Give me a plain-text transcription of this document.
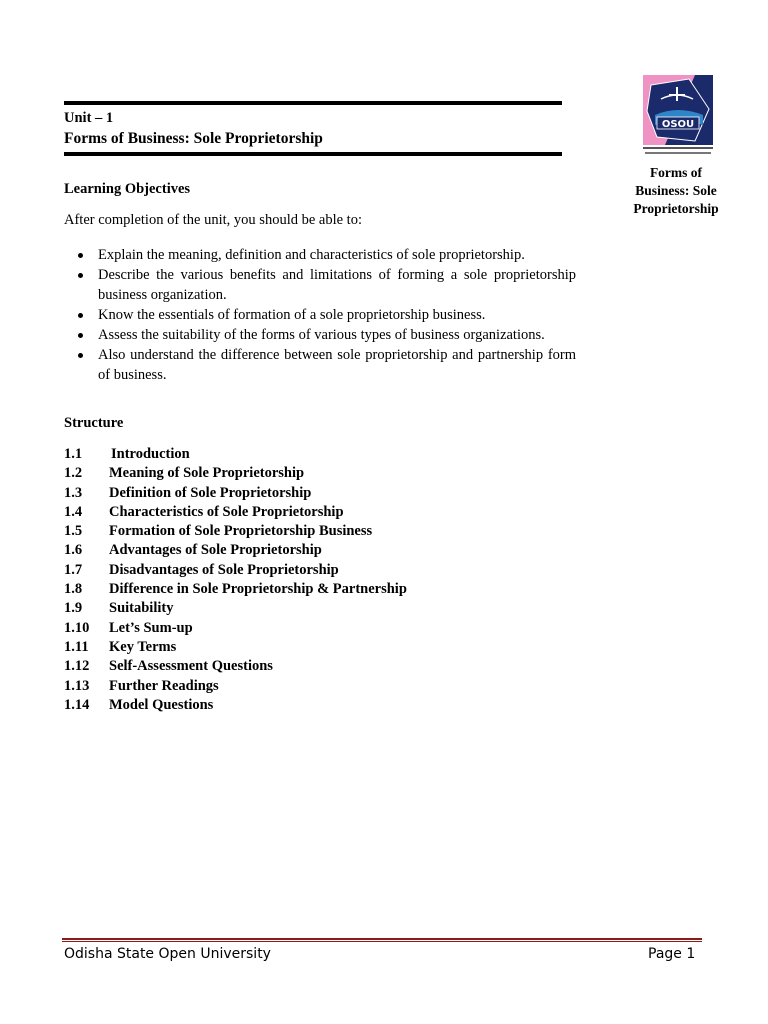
Unit – 1
Forms of Business: Sole Proprietorship
OSOU
Forms of
Business: Sole
Proprietorship
Learning Objectives
After completion of the unit, you should be able to:
Explain the meaning, definition and characteristics of sole proprietorship.
Describe the various benefits and limitations of forming a sole proprietorship business organization.
Know the essentials of formation of a sole proprietorship business.
Assess the suitability of the forms of various types of business organizations.
Also understand the difference between sole proprietorship and partnership form of business.
Structure
1.1 Introduction
1.2 Meaning of Sole Proprietorship
1.3 Definition of Sole Proprietorship
1.4 Characteristics of Sole Proprietorship
1.5 Formation of Sole Proprietorship Business
1.6 Advantages of Sole Proprietorship
1.7 Disadvantages of Sole Proprietorship
1.8 Difference in Sole Proprietorship & Partnership
1.9 Suitability
1.10 Let’s Sum-up
1.11 Key Terms
1.12 Self-Assessment Questions
1.13 Further Readings
1.14 Model Questions
Odisha State Open University	Page 1
